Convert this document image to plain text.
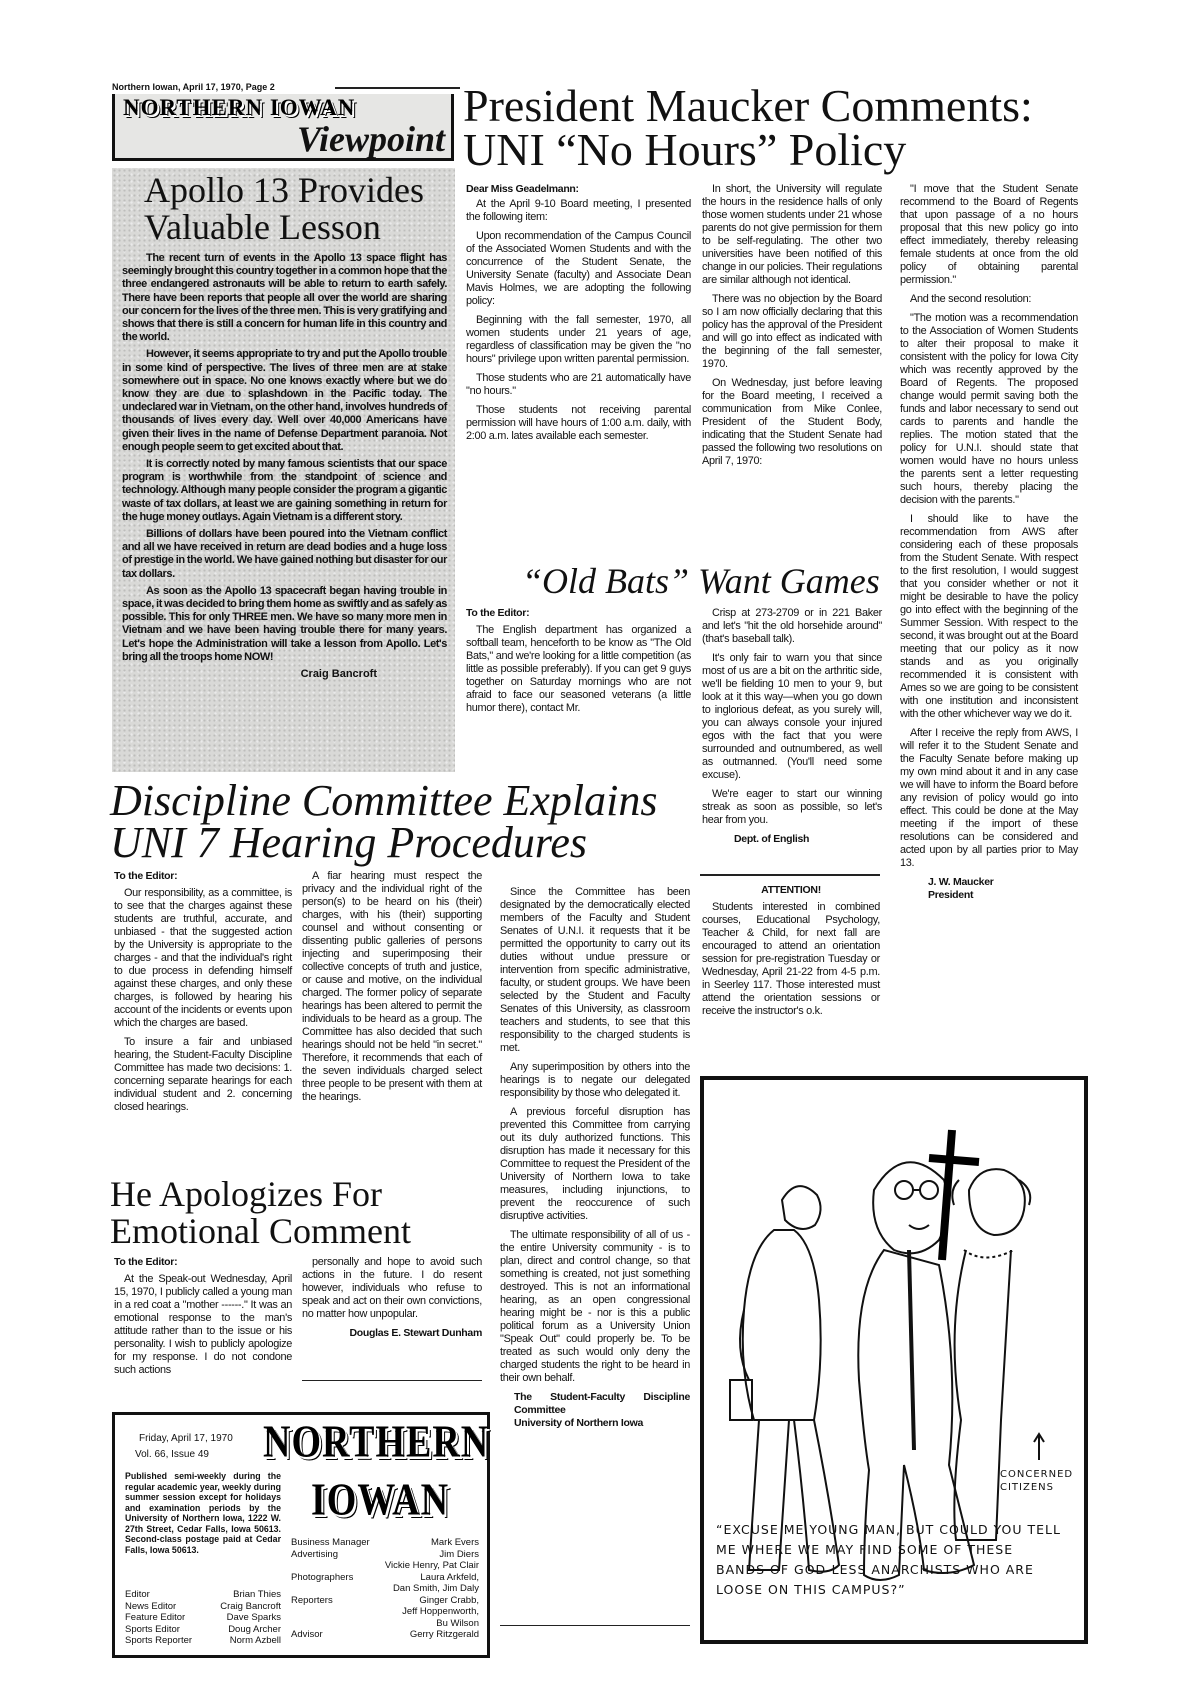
Northern Iowan, April 17, 1970, Page 2
NORTHERN IOWAN
Viewpoint
Apollo 13 Provides
Valuable Lesson

The recent turn of events in the Apollo 13 space flight has seemingly brought this country together in a common hope that the three endangered astronauts will be able to return to earth safely. There have been reports that people all over the world are sharing our concern for the lives of the three men. This is very gratifying and shows that there is still a concern for human life in this country and the world.

However, it seems appropriate to try and put the Apollo trouble in some kind of perspective. The lives of three men are at stake somewhere out in space. No one knows exactly where but we do know they are due to splashdown in the Pacific today. The undeclared war in Vietnam, on the other hand, involves hundreds of thousands of lives every day. Well over 40,000 Americans have given their lives in the name of Defense Department paranoia. Not enough people seem to get excited about that.

It is correctly noted by many famous scientists that our space program is worthwhile from the standpoint of science and technology. Although many people consider the program a gigantic waste of tax dollars, at least we are gaining something in return for the huge money outlays. Again Vietnam is a different story.

Billions of dollars have been poured into the Vietnam conflict and all we have received in return are dead bodies and a huge loss of prestige in the world. We have gained nothing but disaster for our tax dollars.

As soon as the Apollo 13 spacecraft began having trouble in space, it was decided to bring them home as swiftly and as safely as possible. This for only THREE men. We have so many more men in Vietnam and we have been having trouble there for many years. Let's hope the Administration will take a lesson from Apollo. Let's bring all the troops home NOW!

Craig Bancroft
President Maucker Comments:
UNI “No Hours” Policy
Dear Miss Geadelmann:

At the April 9-10 Board meeting, I presented the following item:

Upon recommendation of the Campus Council of the Associated Women Students and with the concurrence of the Student Senate, the University Senate (faculty) and Associate Dean Mavis Holmes, we are adopting the following policy:

Beginning with the fall semester, 1970, all women students under 21 years of age, regardless of classification may be given the "no hours" privilege upon written parental permission.

Those students who are 21 automatically have "no hours."

Those students not receiving parental permission will have hours of 1:00 a.m. daily, with 2:00 a.m. lates available each semester.

In short, the University will regulate the hours in the residence halls of only those women students under 21 whose parents do not give permission for them to be self-regulating. The other two universities have been notified of this change in our policies. Their regulations are similar although not identical.

There was no objection by the Board so I am now officially declaring that this policy has the approval of the President and will go into effect as indicated with the beginning of the fall semester, 1970.

On Wednesday, just before leaving for the Board meeting, I received a communication from Mike Conlee, President of the Student Body, indicating that the Student Senate had passed the following two resolutions on April 7, 1970:

"I move that the Student Senate recommend to the Board of Regents that upon passage of a no hours proposal that this new policy go into effect immediately, thereby releasing female students at once from the old policy of obtaining parental permission."

And the second resolution:

"The motion was a recommendation to the Association of Women Students to alter their proposal to make it consistent with the policy for Iowa City which was recently approved by the Board of Regents. The proposed change would permit saving both the funds and labor necessary to send out cards to parents and handle the replies. The motion stated that the policy for U.N.I. should state that women would have no hours unless the parents sent a letter requesting such hours, thereby placing the decision with the parents."

I should like to have the recommendation from AWS after considering each of these proposals from the Student Senate. With respect to the first resolution, I would suggest that you consider whether or not it might be desirable to have the policy go into effect with the beginning of the Summer Session. With respect to the second, it was brought out at the Board meeting that our policy as it now stands and as you originally recommended it is consistent with Ames so we are going to be consistent with one institution and inconsistent with the other whichever way we do it.

After I receive the reply from AWS, I will refer it to the Student Senate and the Faculty Senate before making up my own mind about it and in any case we will have to inform the Board before any revision of policy would go into effect. This could be done at the May meeting if the import of these resolutions can be considered and acted upon by all parties prior to May 13.

J. W. Maucker
President
“Old Bats” Want Games
To the Editor:

The English department has organized a softball team, henceforth to be know as "The Old Bats," and we're looking for a little competition (as little as possible preferably). If you can get 9 guys together on Saturday mornings who are not afraid to face our seasoned veterans (a little humor there), contact Mr.

Crisp at 273-2709 or in 221 Baker and let's "hit the old horsehide around" (that's baseball talk).

It's only fair to warn you that since most of us are a bit on the arthritic side, we'll be fielding 10 men to your 9, but look at it this way—when you go down to inglorious defeat, as you surely will, you can always console your injured egos with the fact that you were surrounded and outnumbered, as well as outmanned. (You'll need some excuse).

We're eager to start our winning streak as soon as possible, so let's hear from you.

Dept. of English
ATTENTION!

Students interested in combined courses, Educational Psychology, Teacher & Child, for next fall are encouraged to attend an orientation session for pre-registration Tuesday or Wednesday, April 21-22 from 4-5 p.m. in Seerley 117. Those interested must attend the orientation sessions or receive the instructor's o.k.

Discipline Committee Explains
UNI 7 Hearing Procedures
To the Editor:

Our responsibility, as a committee, is to see that the charges against these students are truthful, accurate, and unbiased - that the suggested action by the University is appropriate to the charges - and that the individual's right to due process in defending himself against these charges, and only these charges, is followed by hearing his account of the incidents or events upon which the charges are based.

To insure a fair and unbiased hearing, the Student-Faculty Discipline Committee has made two decisions: 1. concerning separate hearings for each individual student and 2. concerning closed hearings.

A fiar hearing must respect the privacy and the individual right of the person(s) to be heard on his (their) charges, with his (their) supporting counsel and without consenting or dissenting public galleries of persons injecting and superimposing their collective concepts of truth and justice, or cause and motive, on the individual charged. The former policy of separate hearings has been altered to permit the individuals to be heard as a group. The Committee has also decided that such hearings should not be held "in secret." Therefore, it recommends that each of the seven individuals charged select three people to be present with them at the hearings.

Since the Committee has been designated by the democratically elected members of the Faculty and Student Senates of U.N.I. it requests that it be permitted the opportunity to carry out its duties without undue pressure or intervention from specific administrative, faculty, or student groups. We have been selected by the Student and Faculty Senates of this University, as classroom teachers and students, to see that this responsibility to the charged students is met.

Any superimposition by others into the hearings is to negate our delegated responsibility by those who delegated it.

A previous forceful disruption has prevented this Committee from carrying out its duly authorized functions. This disruption has made it necessary for this Committee to request the President of the University of Northern Iowa to take measures, including injunctions, to prevent the reoccurence of such disruptive activities.

The ultimate responsibility of all of us - the entire University community - is to plan, direct and control change, so that something is created, not just something destroyed. This is not an informational hearing, as an open congressional hearing might be - nor is this a public political forum as a University Union "Speak Out" could properly be. To be treated as such would only deny the charged students the right to be heard in their own behalf.

The Student-Faculty Discipline Committee
University of Northern Iowa
He Apologizes For
Emotional Comment
To the Editor:

At the Speak-out Wednesday, April 15, 1970, I publicly called a young man in a red coat a "mother ------." It was an emotional response to the man's attitude rather than to the issue or his personality. I wish to publicly apologize for my response. I do not condone such actions

personally and hope to avoid such actions in the future. I do resent however, individuals who refuse to speak and act on their own convictions, no matter how unpopular.

Douglas E. Stewart Dunham
Friday, April 17, 1970
Vol. 66, Issue 49 NORTHERN
IOWAN
Published semi-weekly during the regular academic year, weekly during summer session except for holidays and examination periods by the University of Northern Iowa, 1222 W. 27th Street, Cedar Falls, Iowa 50613. Second-class postage paid at Cedar Falls, Iowa 50613.
Editor	Brian Thies
News Editor	Craig Bancroft
Feature Editor	Dave Sparks
Sports Editor	Doug Archer
Sports Reporter	Norm Azbell
Business Manager	Mark Evers
Advertising	Jim Diers
Vickie Henry, Pat Clair
Photographers	Laura Arkfeld,
Dan Smith, Jim Daly
Reporters	Ginger Crabb,
Jeff Hoppenworth,
Bu Wilson
Advisor	Gerry Ritzgerald
CONCERNED
CITIZENS
“EXCUSE ME YOUNG MAN, BUT COULD YOU TELL ME WHERE WE MAY FIND SOME OF THESE BANDS OF GOD-LESS ANARCHISTS WHO ARE LOOSE ON THIS CAMPUS?”
